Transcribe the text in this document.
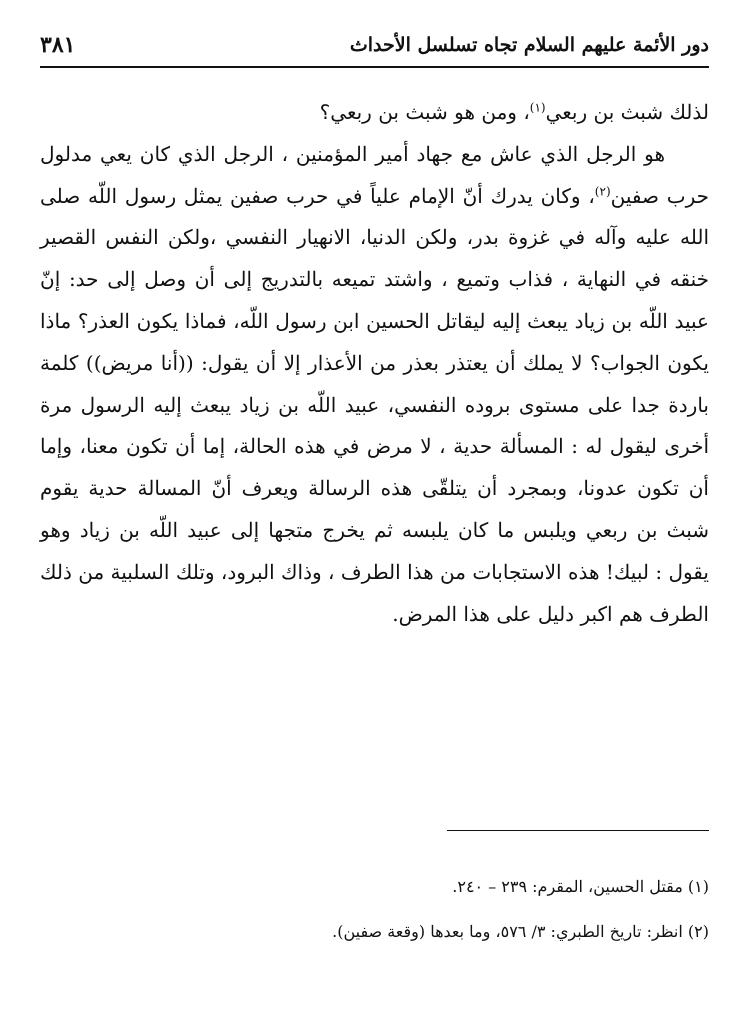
٣٨١	دور الأئمة عليهم السلام تجاه تسلسل الأحداث

لذلك شبث بن ربعي$^{(١)}$، ومن هو شبث بن ربعي؟

هو الرجل الذي عاش مع جهاد أمير المؤمنين ، الرجل الذي كان يعي مدلول حرب صفين$^{(٢)}$، وكان يدرك أنّ الإمام علياً في حرب صفين يمثل رسول اللّه صلى الله عليه وآله في غزوة بدر، ولكن الدنيا، الانهيار النفسي ،ولكن النفس القصير خنقه في النهاية ، فذاب وتميع ، واشتد تميعه بالتدريج إلى أن وصل إلى حد: إنّ عبيد اللّه بن زياد يبعث إليه ليقاتل الحسين ابن رسول اللّه، فماذا يكون العذر؟ ماذا يكون الجواب؟ لا يملك أن يعتذر بعذر من الأعذار إلا أن يقول: ((أنا مريض)) كلمة باردة جدا على مستوى بروده النفسي، عبيد اللّه بن زياد يبعث إليه الرسول مرة أخرى ليقول له : المسألة حدية ، لا مرض في هذه الحالة، إما أن تكون معنا، وإما أن تكون عدونا، وبمجرد أن يتلقّى هذه الرسالة ويعرف أنّ المسالة حدية يقوم شبث بن ربعي ويلبس ما كان يلبسه ثم يخرج متجها إلى عبيد اللّه بن زياد وهو يقول : لبيك! هذه الاستجابات من هذا الطرف ، وذاك البرود، وتلك السلبية من ذلك الطرف هم اكبر دليل على هذا المرض.

(١) مقتل الحسين، المقرم: ٢٣٩ – ٢٤٠.

(٢) انظر: تاريخ الطبري: ٣/ ٥٧٦، وما بعدها (وقعة صفين).
